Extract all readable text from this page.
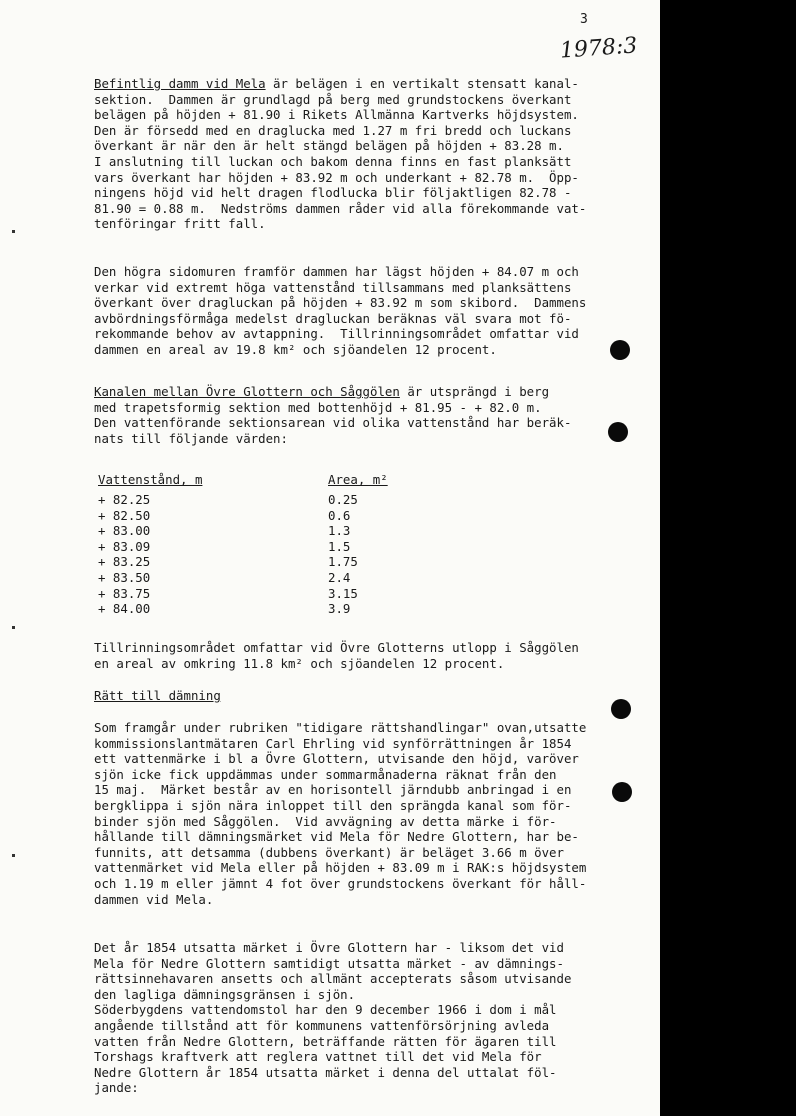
3
1978:3
Befintlig damm vid Mela är belägen i en vertikalt stensatt kanal-
sektion.  Dammen är grundlagd på berg med grundstockens överkant
belägen på höjden + 81.90 i Rikets Allmänna Kartverks höjdsystem.
Den är försedd med en draglucka med 1.27 m fri bredd och luckans
överkant är när den är helt stängd belägen på höjden + 83.28 m.
I anslutning till luckan och bakom denna finns en fast planksätt
vars överkant har höjden + 83.92 m och underkant + 82.78 m.  Öpp-
ningens höjd vid helt dragen flodlucka blir följaktligen 82.78 -
81.90 = 0.88 m.  Nedströms dammen råder vid alla förekommande vat-
tenföringar fritt fall.
Den högra sidomuren framför dammen har lägst höjden + 84.07 m och
verkar vid extremt höga vattenstånd tillsammans med planksättens
överkant över dragluckan på höjden + 83.92 m som skibord.  Dammens
avbördningsförmåga medelst dragluckan beräknas väl svara mot fö-
rekommande behov av avtappning.  Tillrinningsområdet omfattar vid
dammen en areal av 19.8 km² och sjöandelen 12 procent.
Kanalen mellan Övre Glottern och Såggölen är utsprängd i berg
med trapetsformig sektion med bottenhöjd + 81.95 - + 82.0 m.
Den vattenförande sektionsarean vid olika vattenstånd har beräk-
nats till följande värden:
Vattenstånd, m	Area, m²
+ 82.25	0.25
+ 82.50	0.6
+ 83.00	1.3
+ 83.09	1.5
+ 83.25	1.75
+ 83.50	2.4
+ 83.75	3.15
+ 84.00	3.9
Tillrinningsområdet omfattar vid Övre Glotterns utlopp i Såggölen
en areal av omkring 11.8 km² och sjöandelen 12 procent.
Rätt till dämning
Som framgår under rubriken "tidigare rättshandlingar" ovan,utsatte
kommissionslantmätaren Carl Ehrling vid synförrättningen år 1854
ett vattenmärke i bl a Övre Glottern, utvisande den höjd, varöver
sjön icke fick uppdämmas under sommarmånaderna räknat från den
15 maj.  Märket består av en horisontell järndubb anbringad i en
bergklippa i sjön nära inloppet till den sprängda kanal som för-
binder sjön med Såggölen.  Vid avvägning av detta märke i för-
hållande till dämningsmärket vid Mela för Nedre Glottern, har be-
funnits, att detsamma (dubbens överkant) är beläget 3.66 m över
vattenmärket vid Mela eller på höjden + 83.09 m i RAK:s höjdsystem
och 1.19 m eller jämnt 4 fot över grundstockens överkant för håll-
dammen vid Mela.
Det år 1854 utsatta märket i Övre Glottern har - liksom det vid
Mela för Nedre Glottern samtidigt utsatta märket - av dämnings-
rättsinnehavaren ansetts och allmänt accepterats såsom utvisande
den lagliga dämningsgränsen i sjön.
Söderbygdens vattendomstol har den 9 december 1966 i dom i mål
angående tillstånd att för kommunens vattenförsörjning avleda
vatten från Nedre Glottern, beträffande rätten för ägaren till
Torshags kraftverk att reglera vattnet till det vid Mela för
Nedre Glottern år 1854 utsatta märket i denna del uttalat föl-
jande:
